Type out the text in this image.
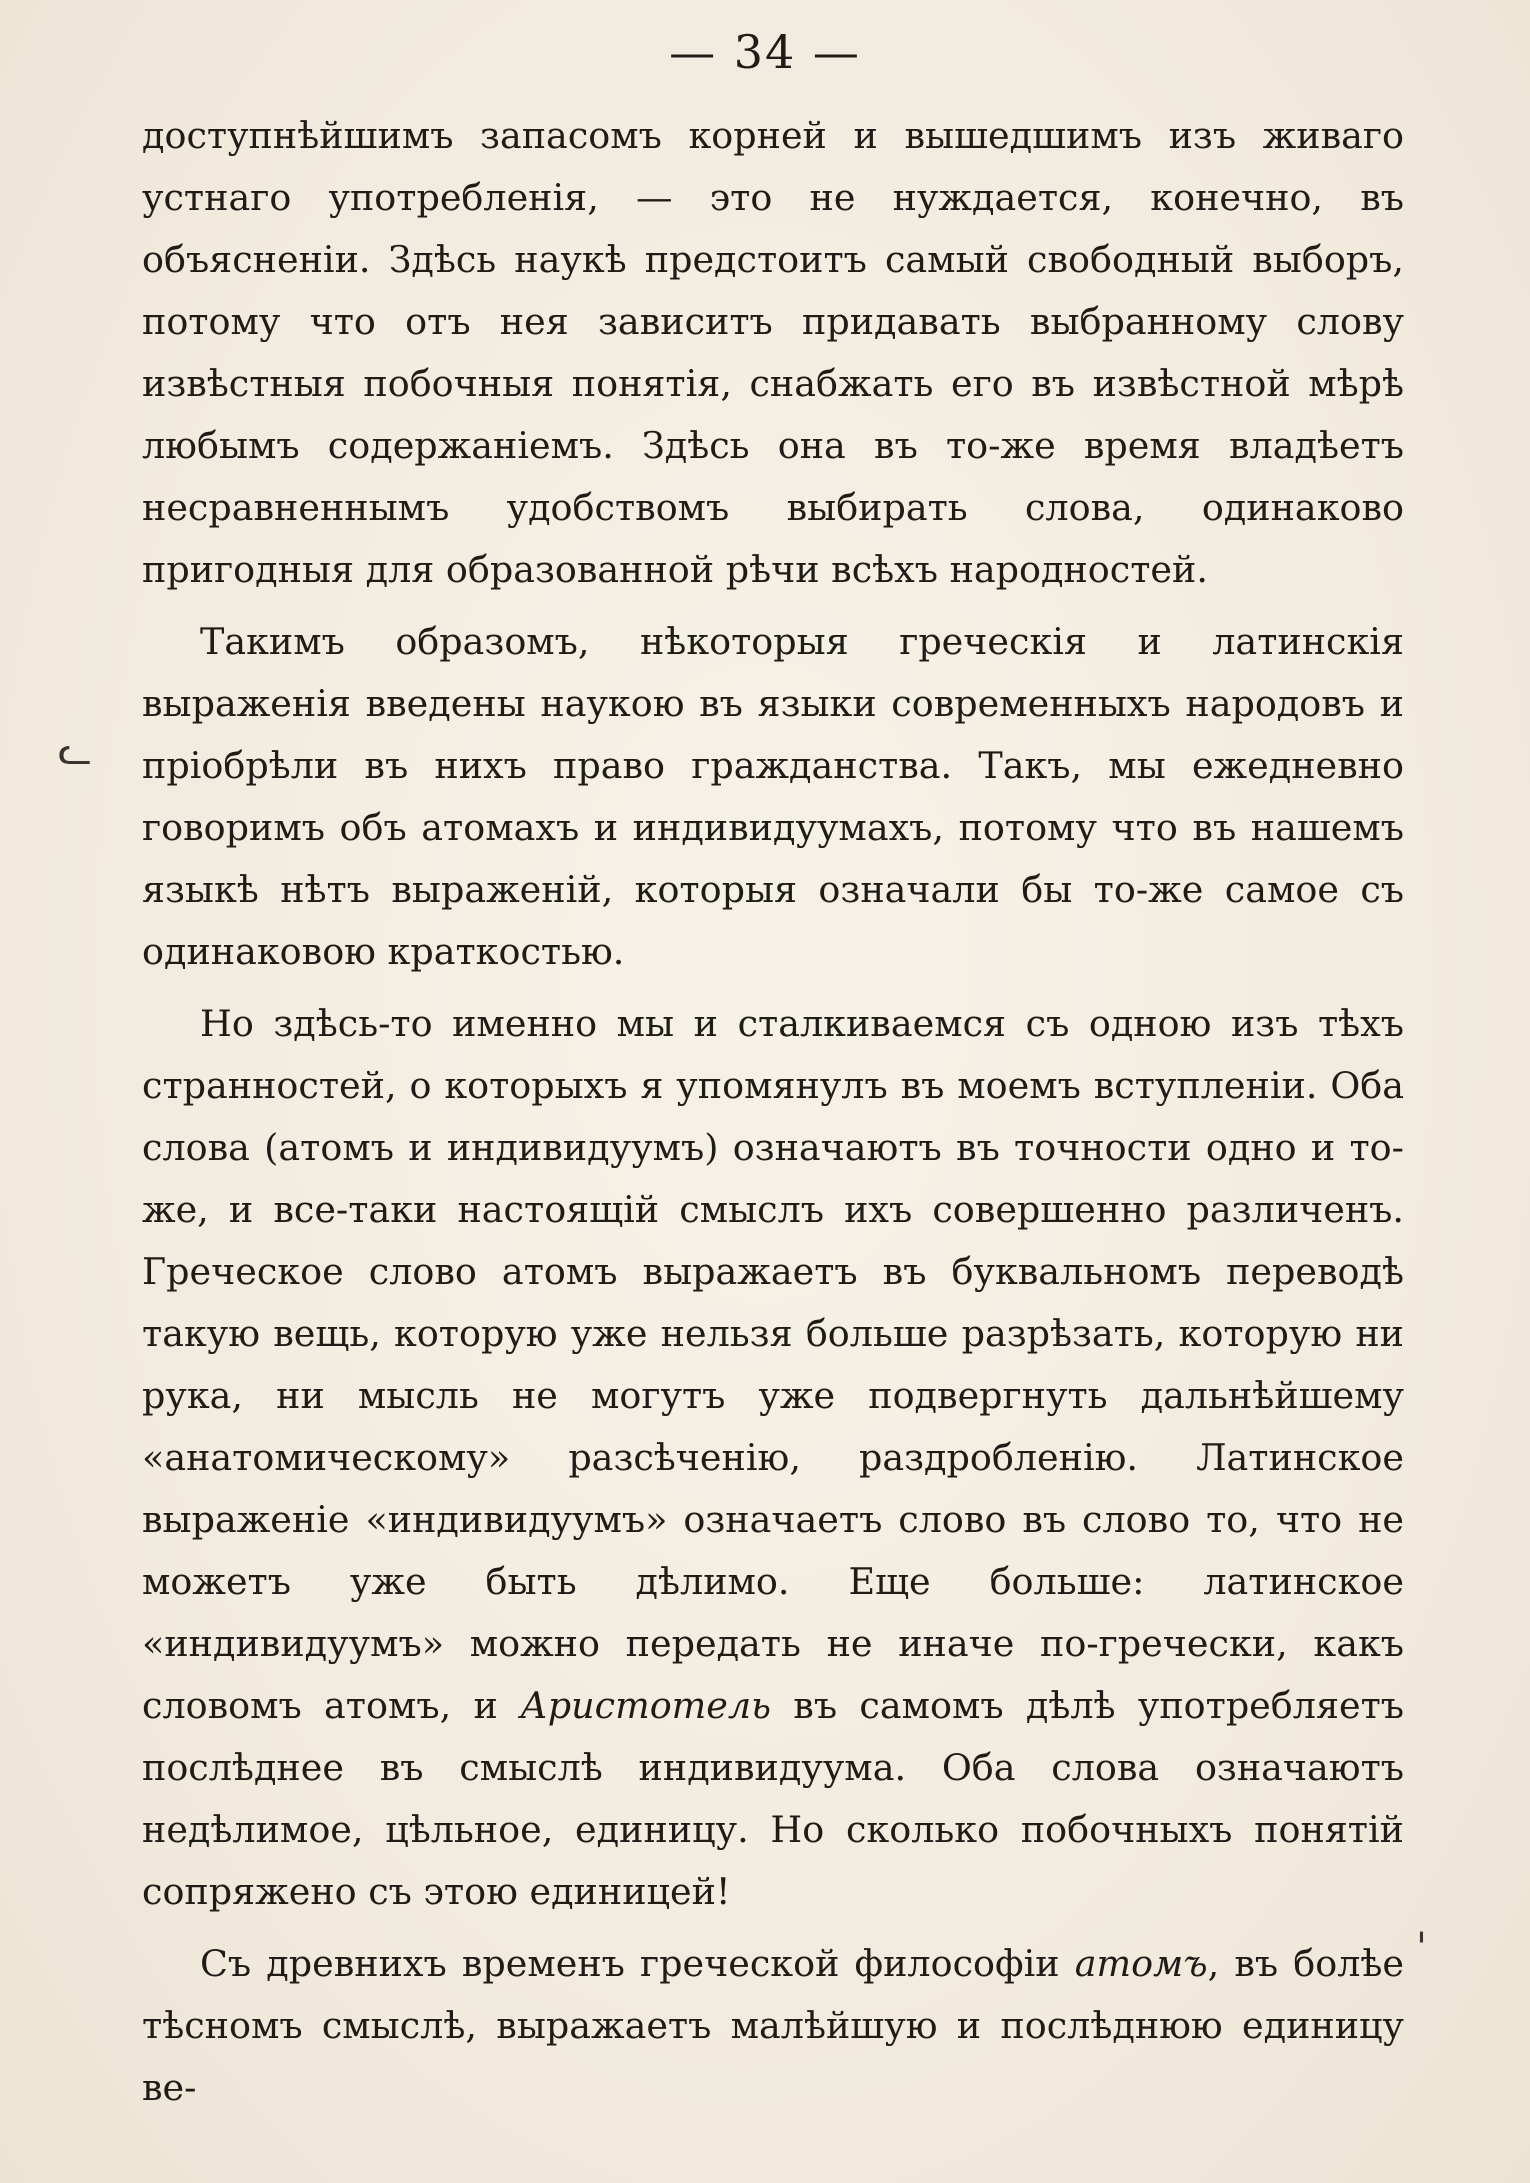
— 34 —

доступнѣйшимъ запасомъ корней и вышедшимъ изъ живаго устнаго употребленія, — это не нуждается, конечно, въ объясненіи. Здѣсь наукѣ предстоитъ самый свободный выборъ, потому что отъ нея зависитъ придавать выбранному слову извѣстныя побочныя понятія, снабжать его въ извѣстной мѣрѣ любымъ содержаніемъ. Здѣсь она въ то-же время владѣетъ несравненнымъ удобствомъ выбирать слова, одинаково пригодныя для образованной рѣчи всѣхъ народностей.

Такимъ образомъ, нѣкоторыя греческія и латинскія выраженія введены наукою въ языки современныхъ народовъ и пріобрѣли въ нихъ право гражданства. Такъ, мы ежедневно говоримъ объ атомахъ и индивидуумахъ, потому что въ нашемъ языкѣ нѣтъ выраженій, которыя означали бы то-же самое съ одинаковою краткостью.

Но здѣсь-то именно мы и сталкиваемся съ одною изъ тѣхъ странностей, о которыхъ я упомянулъ въ моемъ вступленіи. Оба слова (атомъ и индивидуумъ) означаютъ въ точности одно и то-же, и все-таки настоящій смыслъ ихъ совершенно различенъ. Греческое слово атомъ выражаетъ въ буквальномъ переводѣ такую вещь, которую уже нельзя больше разрѣзать, которую ни рука, ни мысль не могутъ уже подвергнуть дальнѣйшему «анатомическому» разсѣченію, раздробленію. Латинское выраженіе «индивидуумъ» означаетъ слово въ слово то, что не можетъ уже быть дѣлимо. Еще больше: латинское «индивидуумъ» можно передать не иначе по-гречески, какъ словомъ атомъ, и Аристотель въ самомъ дѣлѣ употребляетъ послѣднее въ смыслѣ индивидуума. Оба слова означаютъ недѣлимое, цѣльное, единицу. Но сколько побочныхъ понятій сопряжено съ этою единицей!

Съ древнихъ временъ греческой философіи атомъ, въ болѣе тѣсномъ смыслѣ, выражаетъ малѣйшую и послѣднюю единицу ве-

ᓚ
'
